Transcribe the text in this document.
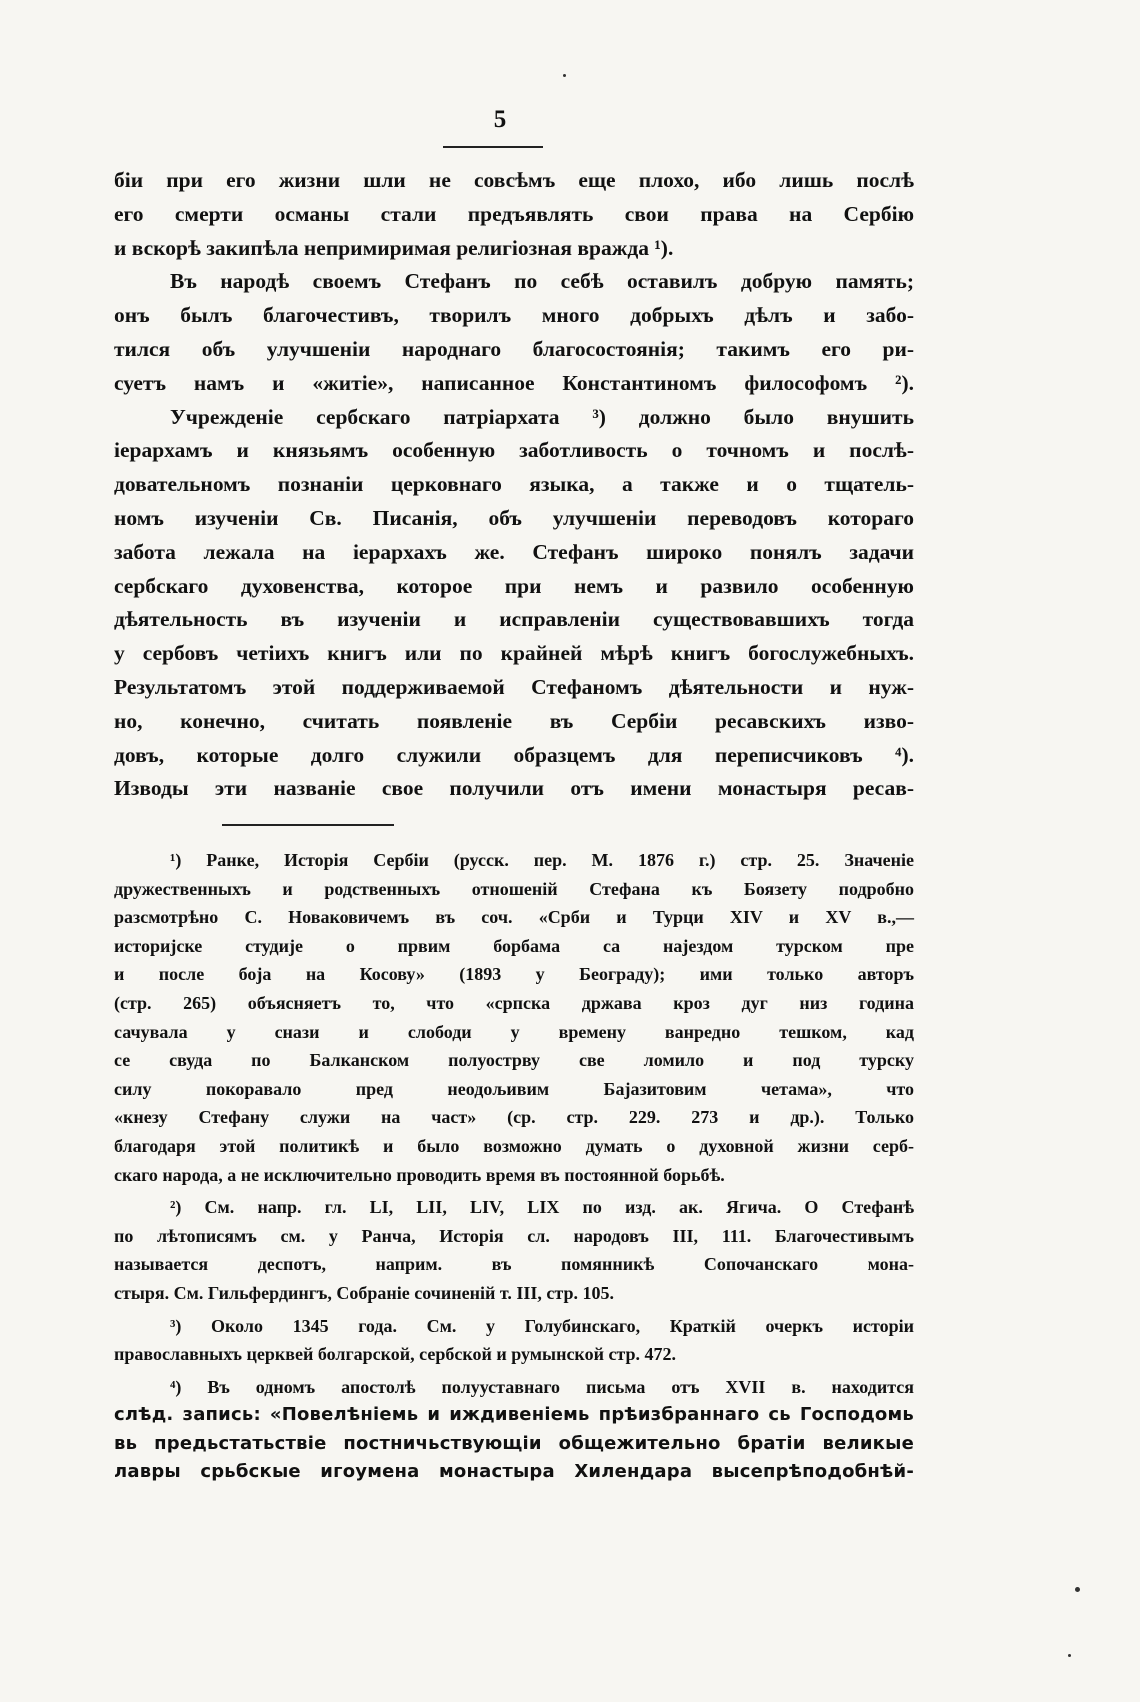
5
біи при его жизни шли не совсѣмъ еще плохо, ибо лишь послѣ
его смерти османы стали предъявлять свои права на Сербію
и вскорѣ закипѣла непримиримая религіозная вражда ¹).
Въ народѣ своемъ Стефанъ по себѣ оставилъ добрую память;
онъ былъ благочестивъ, творилъ много добрыхъ дѣлъ и забо-
тился объ улучшеніи народнаго благосостоянія; такимъ его ри-
суетъ намъ и «житіе», написанное Константиномъ философомъ ²).
Учрежденіе сербскаго патріархата ³) должно было внушить
іерархамъ и князьямъ особенную заботливость о точномъ и послѣ-
довательномъ познаніи церковнаго языка, а также и о тщатель-
номъ изученіи Св. Писанія, объ улучшеніи переводовъ котораго
забота лежала на іерархахъ же. Стефанъ широко понялъ задачи
сербскаго духовенства, которое при немъ и развило особенную
дѣятельность въ изученіи и исправленіи существовавшихъ тогда
у сербовъ четіихъ книгъ или по крайней мѣрѣ книгъ богослужебныхъ.
Результатомъ этой поддерживаемой Стефаномъ дѣятельности и нуж-
но, конечно, считать появленіе въ Сербіи ресавскихъ изво-
довъ, которые долго служили образцемъ для переписчиковъ ⁴).
Изводы эти названіе свое получили отъ имени монастыря ресав-
¹) Ранке, Исторія Сербіи (русск. пер. М. 1876 г.) стр. 25. Значеніе
дружественныхъ и родственныхъ отношеній Стефана къ Боязету подробно
разсмотрѣно С. Новаковичемъ въ соч. «Срби и Турци XIV и XV в.,—
историјске студије о првим борбама са најездом турском пре
и после боја на Косову» (1893 у Београду); ими только авторъ
(стр. 265) объясняетъ то, что «српска држава кроз дуг низ година
сачувала у снази и слободи у времену ванредно тешком, кад
се свуда по Балканском полуострву све ломило и под турску
силу покоравало пред неодољивим Бајазитовим четама», что
«кнезу Стефану служи на част» (ср. стр. 229. 273 и др.). Только
благодаря этой политикѣ и было возможно думать о духовной жизни серб-
скаго народа, а не исключительно проводить время въ постоянной борьбѣ.
²) См. напр. гл. LI, LII, LIV, LIX по изд. ак. Ягича. О Стефанѣ
по лѣтописямъ см. у Ранча, Исторія сл. народовъ III, 111. Благочестивымъ
называется деспотъ, наприм. въ помянникѣ Сопочанскаго мона-
стыря. См. Гильфердингъ, Собраніе сочиненій т. III, стр. 105.
³) Около 1345 года. См. у Голубинскаго, Краткій очеркъ исторіи
православныхъ церквей болгарской, сербской и румынской стр. 472.
⁴) Въ одномъ апостолѣ полууставнаго письма отъ XVII в. находится
слѣд. запись: «Повелѣніемь и иждивеніемь прѣизбраннаго сь Господомь
вь предьстатьствіе постничьствующіи общежительно братіи великые
лавры срьбскые игоумена монастыра Хилендара высепрѣподобнѣй-
